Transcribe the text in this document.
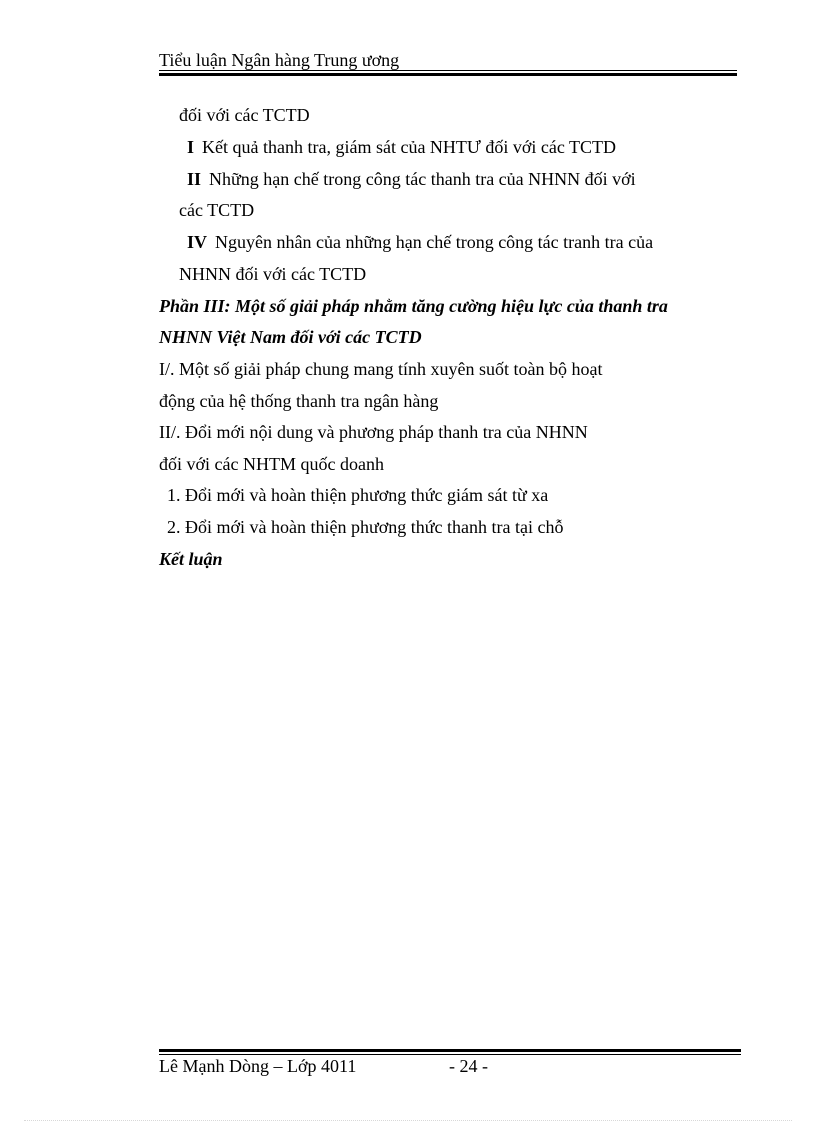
Tiểu luận Ngân hàng Trung ương
đối với các TCTD
I Kết quả thanh tra, giám sát của NHTƯ đối với các TCTD
II Những hạn chế trong công tác thanh tra của NHNN đối với
các TCTD
IV Nguyên nhân của những hạn chế trong công tác tranh tra của
NHNN đối với các TCTD
Phần III: Một số giải pháp nhằm tăng cường hiệu lực của thanh tra
NHNN Việt Nam đối với các TCTD
I/. Một số giải pháp chung mang tính xuyên suốt toàn bộ hoạt
động của hệ thống thanh tra ngân hàng
II/. Đổi mới nội dung và phương pháp thanh tra của NHNN
đối với các NHTM quốc doanh
1. Đổi mới và hoàn thiện phương thức giám sát từ xa
2. Đổi mới và hoàn thiện phương thức thanh tra tại chỗ
Kết luận
Lê Mạnh Dòng – Lớp 4011	- 24 -
